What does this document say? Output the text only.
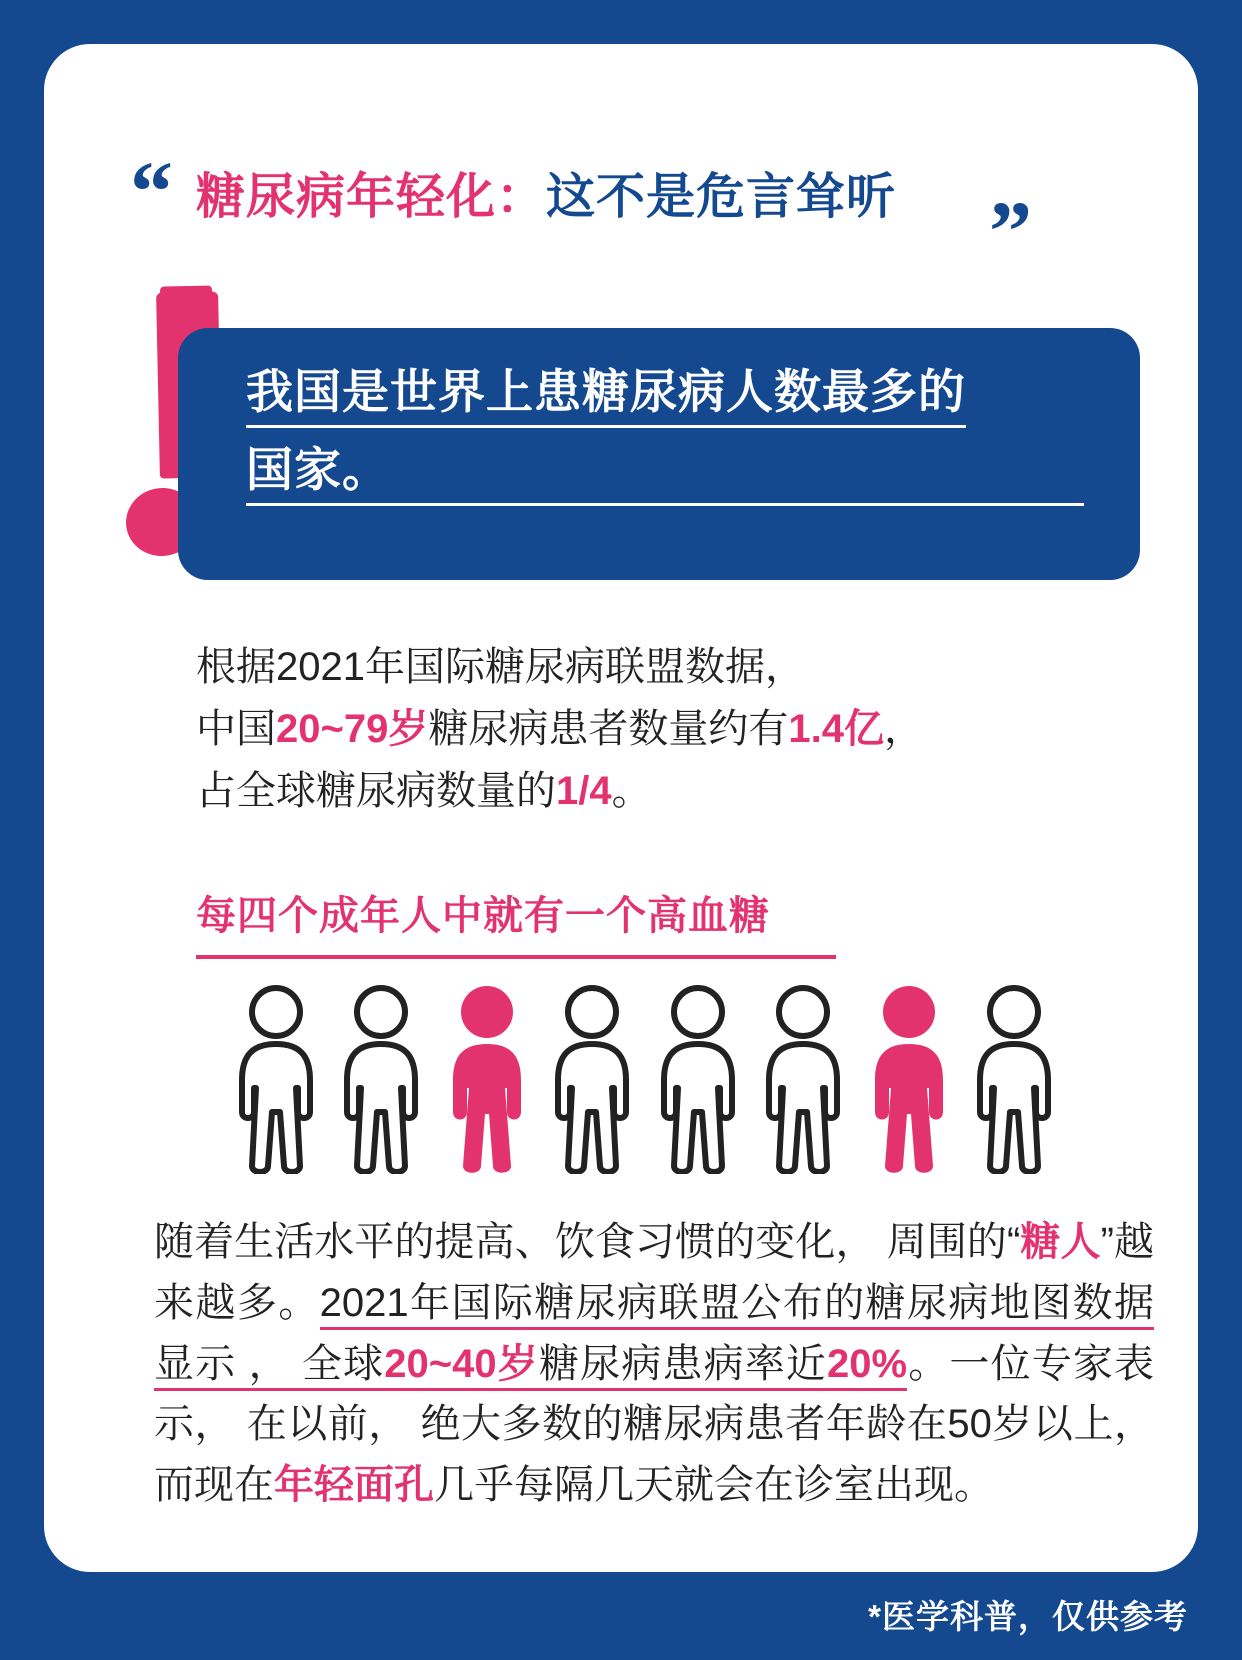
“ 糖尿病年轻化：这不是危言耸听	”
我国是世界上患糖尿病人数最多的
国家。
根据2021年国际糖尿病联盟数据，
中国20~79岁糖尿病患者数量约有1.4亿，
占全球糖尿病数量的1/4。
每四个成年人中就有一个高血糖
随着生活水平的提高、饮食习惯的变化， 周围的“糖人”越来越多。2021年国际糖尿病联盟公布的糖尿病地图数据显示 ， 全球20~40岁糖尿病患病率近20%。一位专家表示， 在以前， 绝大多数的糖尿病患者年龄在50岁以上，而现在年轻面孔几乎每隔几天就会在诊室出现。
*医学科普，仅供参考
